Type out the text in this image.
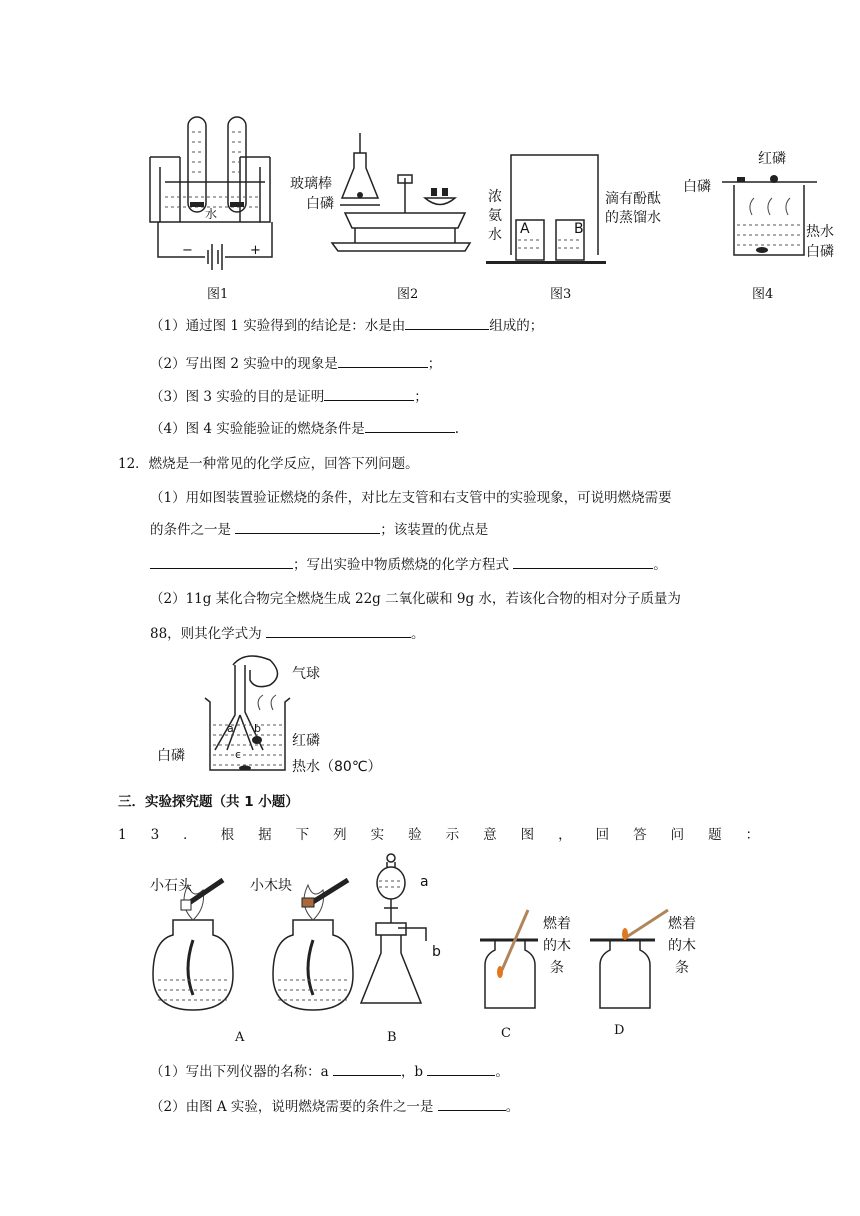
−	+
水
图1
玻璃棒
白磷
图2
A	B
浓
氨
水
滴有酚酞
的蒸馏水
图3
红磷
白磷
热水
白磷
图4
（1）通过图 1 实验得到的结论是：水是由	组成的；
（2）写出图 2 实验中的现象是	；
（3）图 3 实验的目的是证明	；
（4）图 4 实验能验证的燃烧条件是	.
12．燃烧是一种常见的化学反应，回答下列问题。
（1）用如图装置验证燃烧的条件，对比左支管和右支管中的实验现象，可说明燃烧需要
的条件之一是	；该装置的优点是
；写出实验中物质燃烧的化学方程式	。
（2）11g 某化合物完全燃烧生成 22g 二氧化碳和 9g 水，若该化合物的相对分子质量为
88，则其化学式为	。
a b
c
气球
红磷
白磷
热水（80℃）
三．实验探究题（共 1 小题）
13．根据下列实验示意图，回答问题：
小石头	小木块
A
a
b
B
燃着
的木
条
C
燃着
的木
条
D
（1）写出下列仪器的名称：a	，b	。
（2）由图 A 实验，说明燃烧需要的条件之一是	。
